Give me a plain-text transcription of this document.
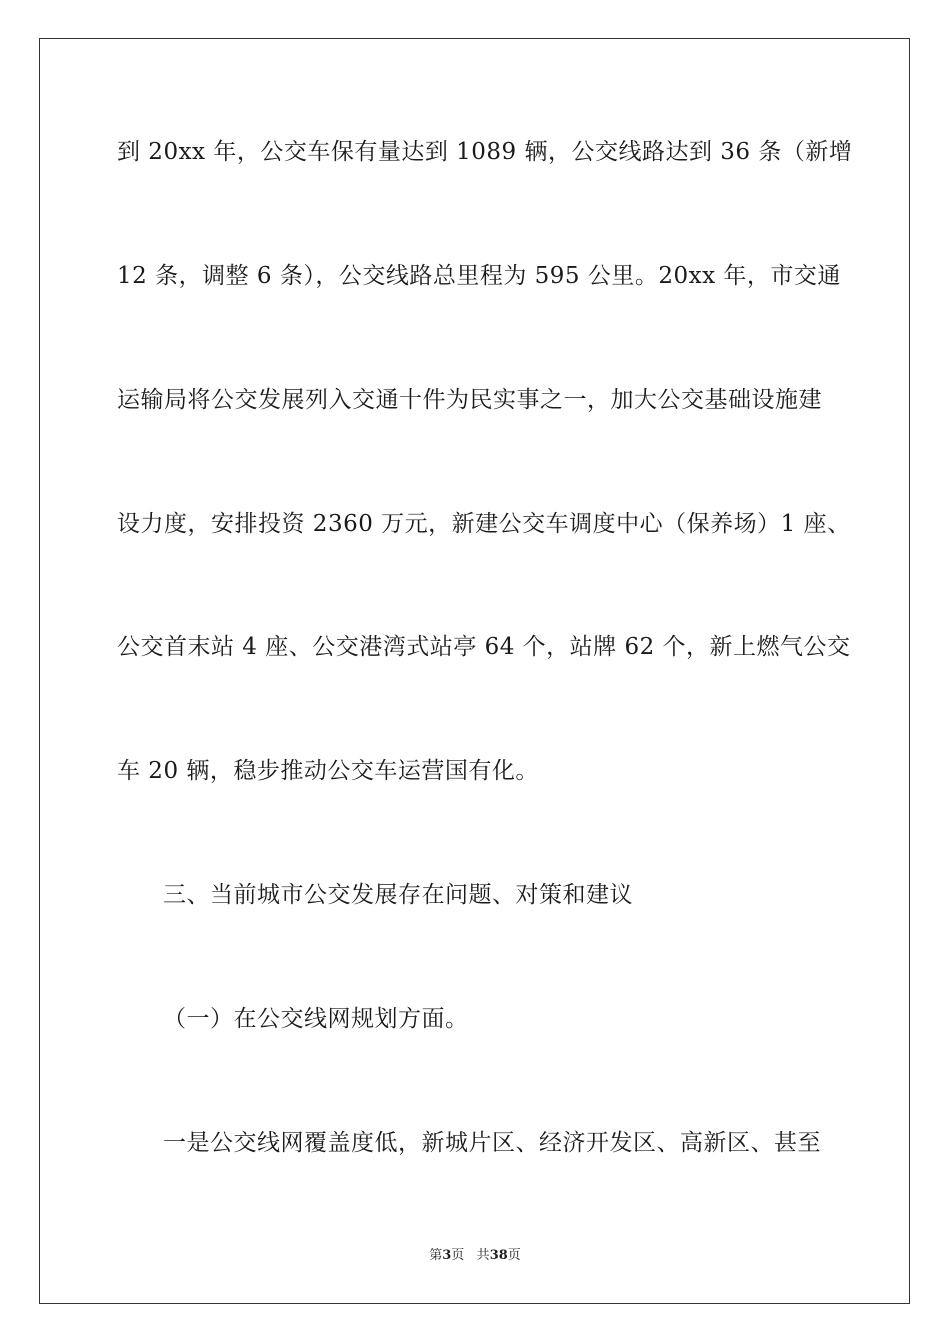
到 20xx 年，公交车保有量达到 1089 辆，公交线路达到 36 条（新增
12 条，调整 6 条），公交线路总里程为 595 公里。20xx 年，市交通
运输局将公交发展列入交通十件为民实事之一，加大公交基础设施建
设力度，安排投资 2360 万元，新建公交车调度中心（保养场）1 座、
公交首末站 4 座、公交港湾式站亭 64 个，站牌 62 个，新上燃气公交
车 20 辆，稳步推动公交车运营国有化。
三、当前城市公交发展存在问题、对策和建议
（一）在公交线网规划方面。
一是公交线网覆盖度低，新城片区、经济开发区、高新区、甚至
第3页 共38页
